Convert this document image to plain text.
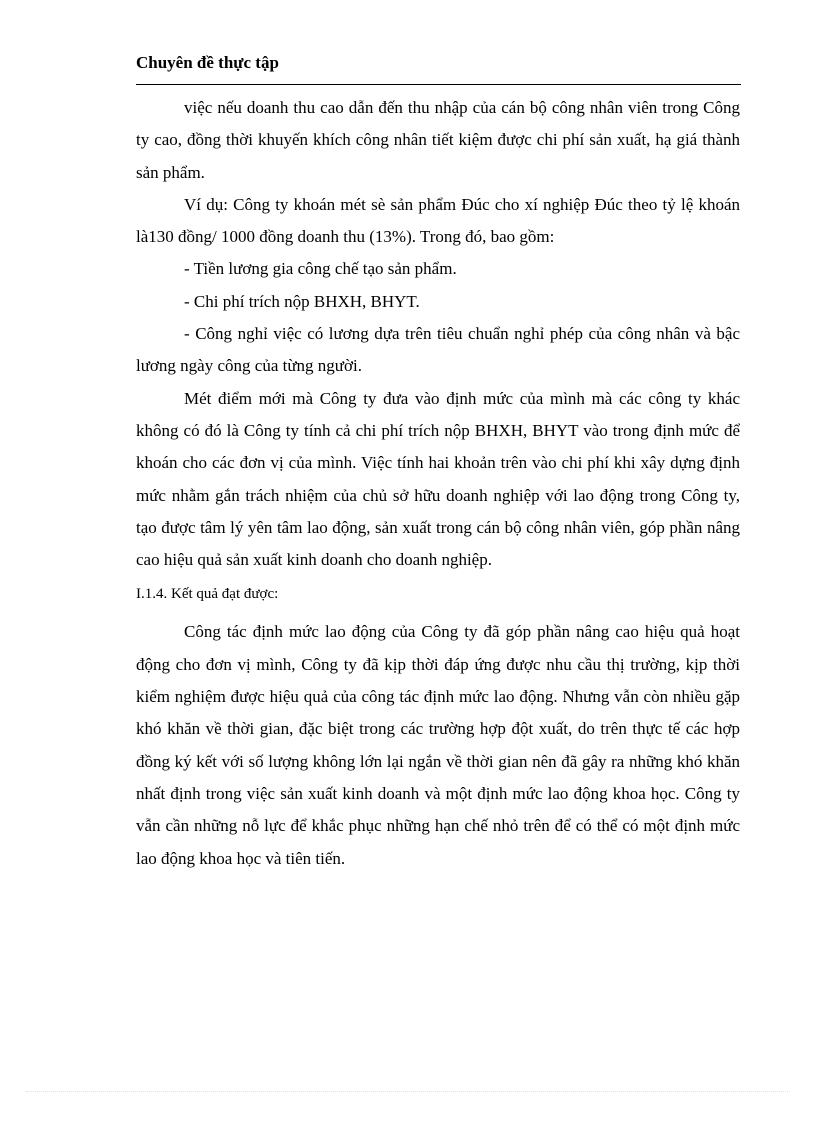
Chuyên đề thực tập

việc nếu doanh thu cao dẫn đến thu nhập của cán bộ công nhân viên trong Công ty cao, đồng thời khuyến khích công nhân tiết kiệm được chi phí sản xuất, hạ giá thành sản phẩm.

Ví dụ: Công ty khoán mét sè sản phẩm Đúc cho xí nghiệp Đúc theo tỷ lệ khoán là130 đồng/ 1000 đồng doanh thu (13%). Trong đó, bao gồm:

- Tiền lương gia công chế tạo sản phẩm.

- Chi phí trích nộp BHXH, BHYT.

- Công nghỉ việc có lương dựa trên tiêu chuẩn nghỉ phép của công nhân và bậc lương ngày công của từng người.

Mét điểm mới mà Công ty đưa vào định mức của mình mà các công ty khác không có đó là Công ty tính cả chi phí trích nộp BHXH, BHYT vào trong định mức để khoán cho các đơn vị của mình. Việc tính hai khoản trên vào chi phí khi xây dựng định mức nhằm gắn trách nhiệm của chủ sở hữu doanh nghiệp với lao động trong Công ty, tạo được tâm lý yên tâm lao động, sản xuất trong cán bộ công nhân viên, góp phần nâng cao hiệu quả sản xuất kinh doanh cho doanh nghiệp.

I.1.4. Kết quả đạt được:

Công tác định mức lao động của Công ty đã góp phần nâng cao hiệu quả hoạt động cho đơn vị mình, Công ty đã kịp thời đáp ứng được nhu cầu thị trường, kịp thời kiểm nghiệm được hiệu quả của công tác định mức lao động. Nhưng vẫn còn nhiều gặp khó khăn về thời gian, đặc biệt trong các trường hợp đột xuất, do trên thực tế các hợp đồng ký kết với số lượng không lớn lại ngắn về thời gian nên đã gây ra những khó khăn nhất định trong việc sản xuất kinh doanh và một định mức lao động khoa học. Công ty vẫn cần những nỗ lực để khắc phục những hạn chế nhỏ trên để có thể có một định mức lao động khoa học và tiên tiến.
